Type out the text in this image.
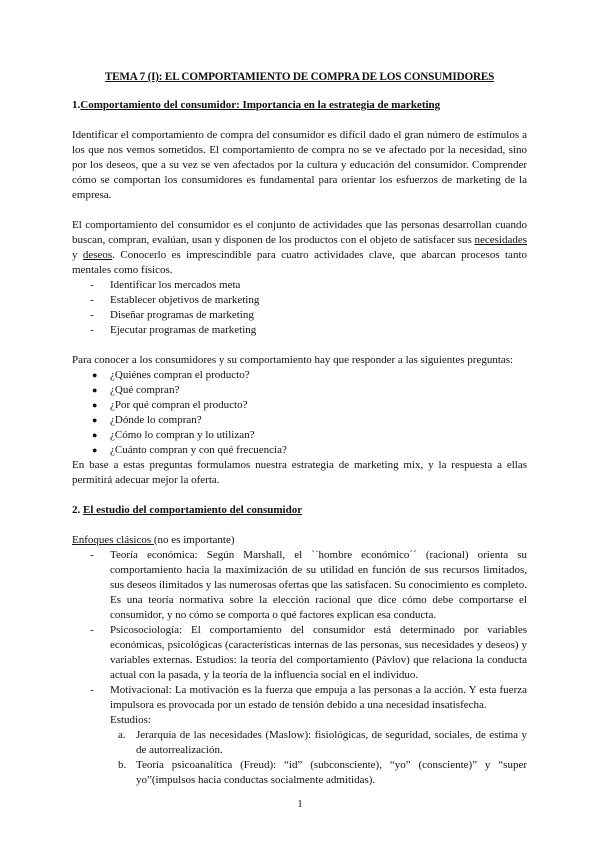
TEMA 7 (I): EL COMPORTAMIENTO DE COMPRA DE LOS CONSUMIDORES

1.Comportamiento del consumidor: Importancia en la estrategia de marketing

Identificar el comportamiento de compra del consumidor es difícil dado el gran número de estímulos a los que nos vemos sometidos. El comportamiento de compra no se ve afectado por la necesidad, sino por los deseos, que a su vez se ven afectados por la cultura y educación del consumidor. Comprender cómo se comportan los consumidores es fundamental para orientar los esfuerzos de marketing de la empresa.

El comportamiento del consumidor es el conjunto de actividades que las personas desarrollan cuando buscan, compran, evalúan, usan y disponen de los productos con el objeto de satisfacer sus necesidades y deseos. Conocerlo es imprescindible para cuatro actividades clave, que abarcan procesos tanto mentales como físicos.

- Identificar los mercados meta
- Establecer objetivos de marketing
- Diseñar programas de marketing
- Ejecutar programas de marketing

Para conocer a los consumidores y su comportamiento hay que responder a las siguientes preguntas:

● ¿Quiénes compran el producto?
● ¿Qué compran?
● ¿Por qué compran el producto?
● ¿Dónde lo compran?
● ¿Cómo lo compran y lo utilizan?
● ¿Cuánto compran y con qué frecuencia?

En base a estas preguntas formulamos nuestra estrategia de marketing mix, y la respuesta a ellas permitirá adecuar mejor la oferta.

2. El estudio del comportamiento del consumidor

Enfoques clásicos (no es importante)

- Teoría económica: Según Marshall, el ``hombre económico´´ (racional) orienta su comportamiento hacia la maximización de su utilidad en función de sus recursos limitados, sus deseos ilimitados y las numerosas ofertas que las satisfacen. Su conocimiento es completo. Es una teoría normativa sobre la elección racional que dice cómo debe comportarse el consumidor, y no cómo se comporta o qué factores explican esa conducta.
- Psicosociología: El comportamiento del consumidor está determinado por variables económicas, psicológicas (características internas de las personas, sus necesidades y deseos) y variables externas. Estudios: la teoría del comportamiento (Pávlov) que relaciona la conducta actual con la pasada, y la teoría de la influencia social en el individuo.
- Motivacional: La motivación es la fuerza que empuja a las personas a la acción. Y esta fuerza impulsora es provocada por un estado de tensión debido a una necesidad insatisfecha.
Estudios:
a. Jerarquía de las necesidades (Maslow): fisiológicas, de seguridad, sociales, de estima y de autorrealización.
b. Teoría psicoanalítica (Freud): “id” (subconsciente), “yo” (consciente)” y “super yo”(impulsos hacia conductas socialmente admitidas).
1
